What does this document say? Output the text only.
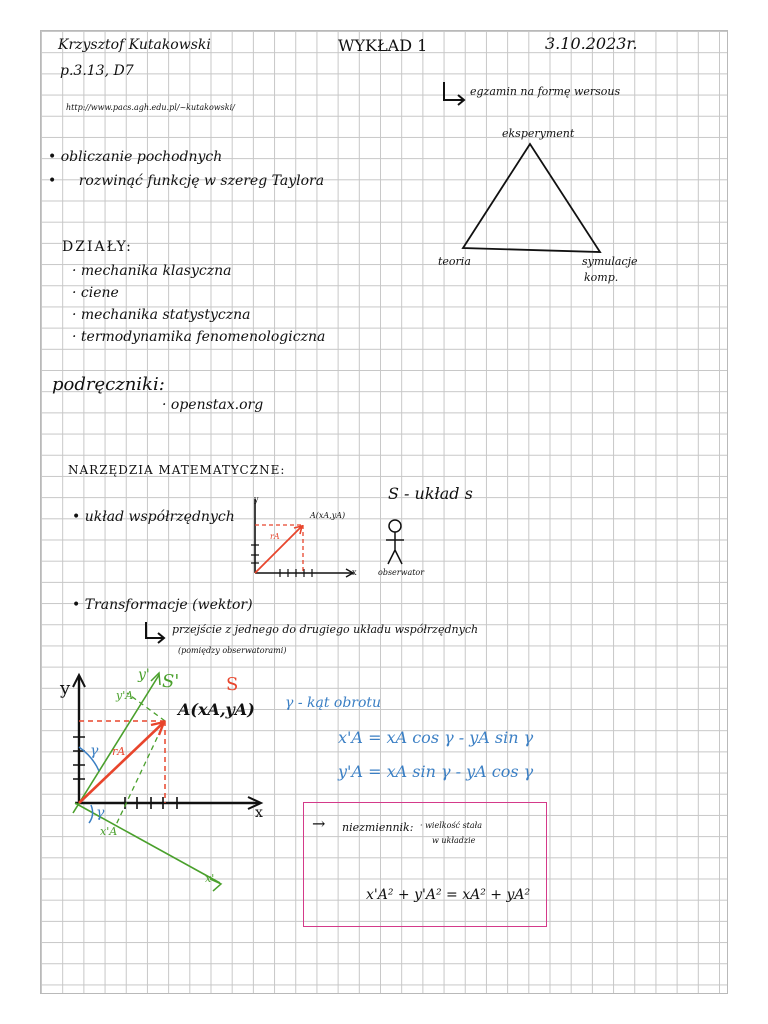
Krzysztof Kutakowski
p.3.13, D7
WYKŁAD 1	3.10.2023r.
http://www.pacs.agh.edu.pl/~kutakowski/
• obliczanie pochodnych
• rozwinąć funkcję w szereg Taylora
egzamin na formę wersous
eksperyment
teoria	symulacje
komp.
DZIAŁY:
· mechanika klasyczna
· ciene
· mechanika statystyczna
· termodynamika fenomenologiczna
podręczniki:
· openstax.org
NARZĘDZIA MATEMATYCZNE:
• układ współrzędnych
y
x
A(xA,yA)
rA
S - układ s
obserwator
• Transformacje (wektor)
przejście z jednego do drugiego układu współrzędnych
(pomiędzy obserwatorami)
y
x
y'
x'
S'	S
y'A
x'A
rA
γ
γ
A(xA,yA) γ - kąt obrotu
x'A = xA cos γ - yA sin γ
y'A = xA sin γ - yA cos γ
→ niezmiennik: · wielkość stała
w układzie
x'A² + y'A² = xA² + yA²
